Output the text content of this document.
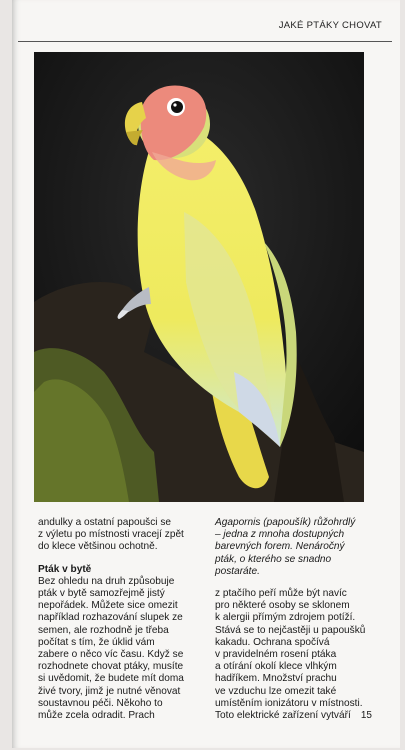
JAKÉ PTÁKY CHOVAT

andulky a ostatní papoušci se

z výletu po místnosti vracejí zpět

do klece většinou ochotně.

Pták v bytě

Bez ohledu na druh způsobuje

pták v bytě samozřejmě jistý

nepořádek. Můžete sice omezit

například rozhazování slupek ze

semen, ale rozhodně je třeba

počítat s tím, že úklid vám

zabere o něco víc času. Když se

rozhodnete chovat ptáky, musíte

si uvědomit, že budete mít doma

živé tvory, jimž je nutné věnovat

soustavnou péči. Někoho to

může zcela odradit. Prach

Agapornis (papoušík) růžohrdlý

– jedna z mnoha dostupných

barevných forem. Nenáročný

pták, o kterého se snadno

postaráte.

z ptačího peří může být navíc

pro některé osoby se sklonem

k alergii přímým zdrojem potíží.

Stává se to nejčastěji u papoušků

kakadu. Ochrana spočívá

v pravidelném rosení ptáka

a otírání okolí klece vlhkým

hadříkem. Množství prachu

ve vzduchu lze omezit také

umístěním ionizátoru v místnosti.

Toto elektrické zařízení vytváří	15
